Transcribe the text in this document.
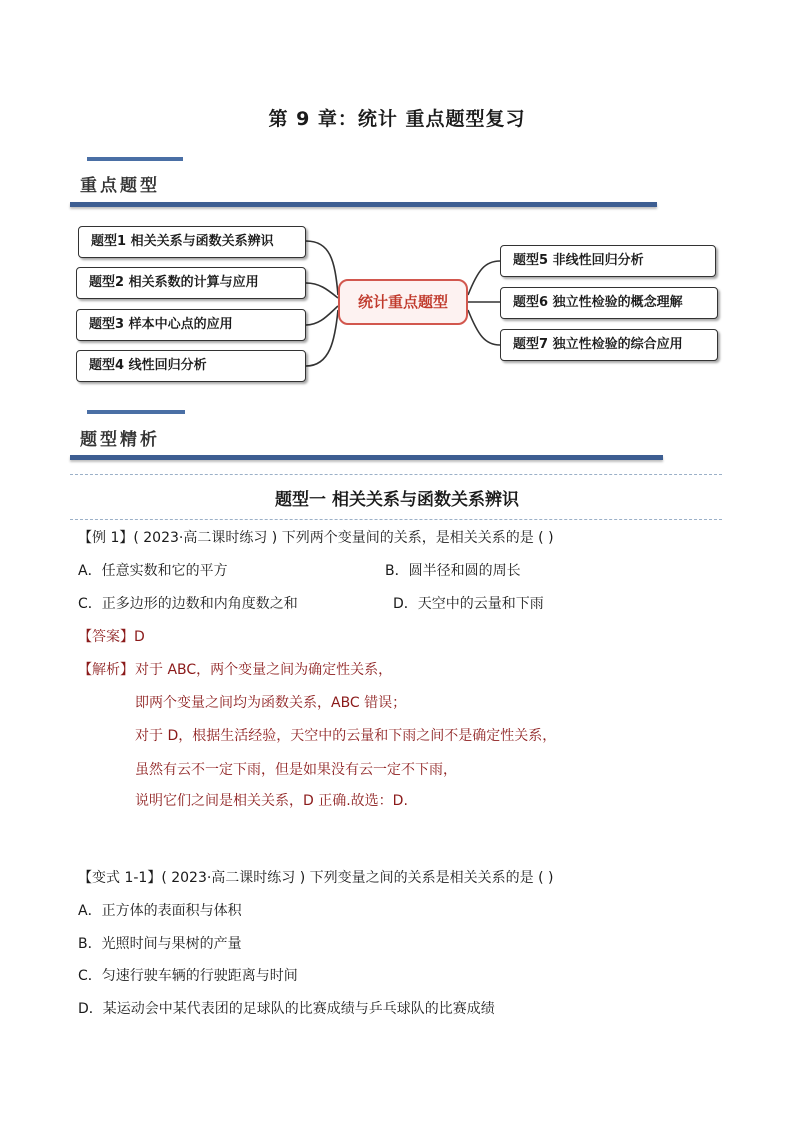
第 9 章：统计 重点题型复习
重点题型
题型1 相关关系与函数关系辨识
题型2 相关系数的计算与应用
题型3 样本中心点的应用
题型4 线性回归分析
统计重点题型
题型5 非线性回归分析
题型6 独立性检验的概念理解
题型7 独立性检验的综合应用
题型精析
题型一 相关关系与函数关系辨识
【例 1】( 2023·高二课时练习 ) 下列两个变量间的关系，是相关关系的是 ( )
A．任意实数和它的平方	B．圆半径和圆的周长
C．正多边形的边数和内角度数之和	D．天空中的云量和下雨
【答案】D
【解析】 对于 ABC，两个变量之间为确定性关系，
即两个变量之间均为函数关系，ABC 错误；
对于 D，根据生活经验，天空中的云量和下雨之间不是确定性关系，
虽然有云不一定下雨，但是如果没有云一定不下雨，
说明它们之间是相关关系，D 正确.故选：D.
【变式 1-1】( 2023·高二课时练习 ) 下列变量之间的关系是相关关系的是 ( )
A．正方体的表面积与体积
B．光照时间与果树的产量
C．匀速行驶车辆的行驶距离与时间
D．某运动会中某代表团的足球队的比赛成绩与乒乓球队的比赛成绩
